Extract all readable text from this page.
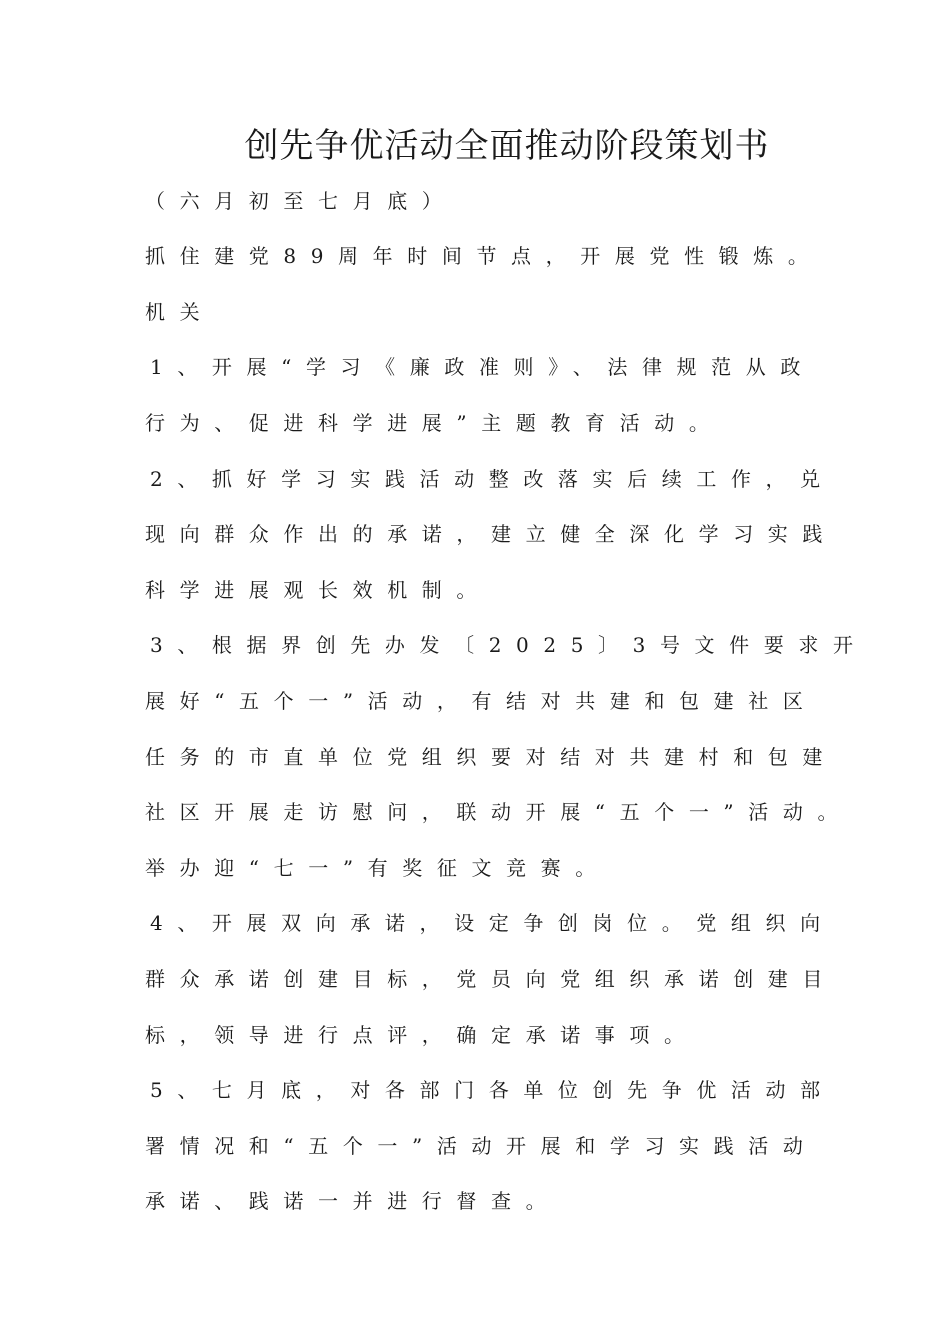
创先争优活动全面推动阶段策划书
（六月初至七月底）
抓住建党89周年时间节点，开展党性锻炼。
机关
1、开展“学习《廉政准则》、法律规范从政
行为、促进科学进展”主题教育活动。
2、抓好学习实践活动整改落实后续工作，兑
现向群众作出的承诺，建立健全深化学习实践
科学进展观长效机制。
3、根据界创先办发〔2025〕3号文件要求开
展好“五个一”活动，有结对共建和包建社区
任务的市直单位党组织要对结对共建村和包建
社区开展走访慰问，联动开展“五个一”活动。
举办迎“七一”有奖征文竞赛。
4、开展双向承诺，设定争创岗位。党组织向
群众承诺创建目标，党员向党组织承诺创建目
标，领导进行点评，确定承诺事项。
5、七月底，对各部门各单位创先争优活动部
署情况和“五个一”活动开展和学习实践活动
承诺、践诺一并进行督查。
